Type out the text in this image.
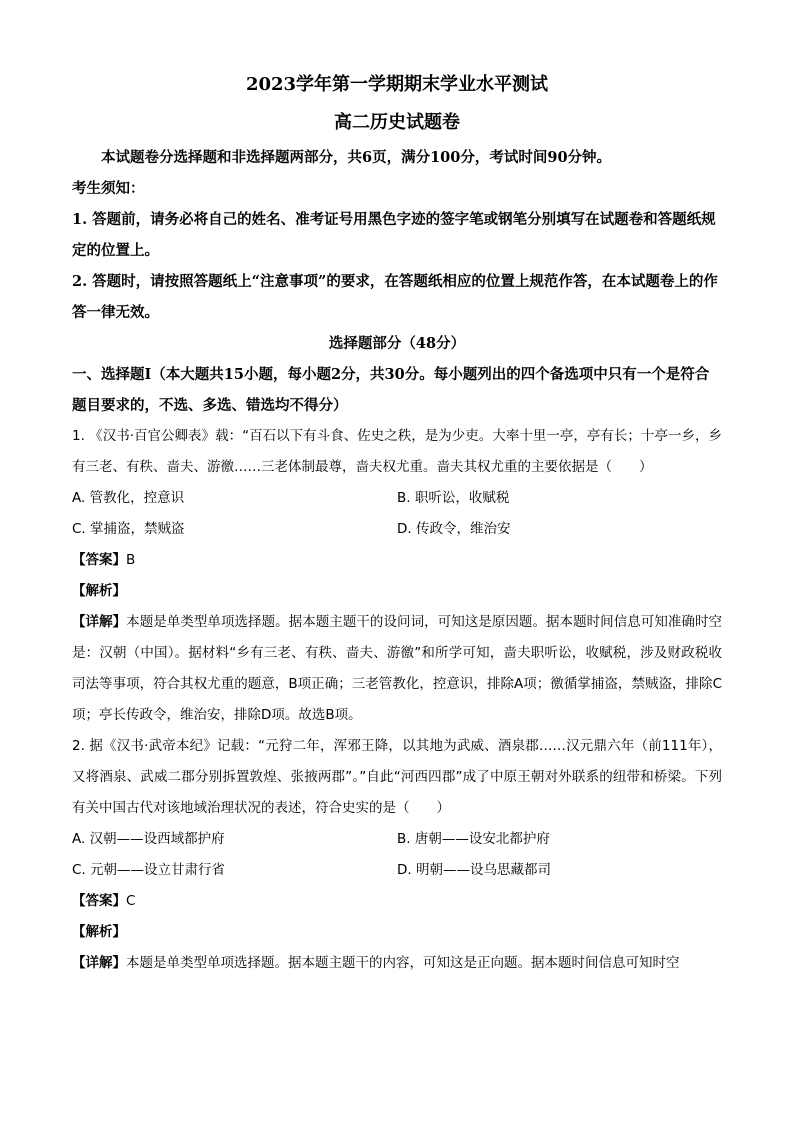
2023学年第一学期期末学业水平测试
高二历史试题卷
本试题卷分选择题和非选择题两部分，共6页，满分100分，考试时间90分钟。
考生须知：
1. 答题前，请务必将自己的姓名、准考证号用黑色字迹的签字笔或钢笔分别填写在试题卷和答题纸规定的位置上。
2. 答题时，请按照答题纸上“注意事项”的要求，在答题纸相应的位置上规范作答，在本试题卷上的作答一律无效。
选择题部分（48分）
一、选择题Ⅰ（本大题共15小题，每小题2分，共30分。每小题列出的四个备选项中只有一个是符合题目要求的，不选、多选、错选均不得分）
1. 《汉书·百官公卿表》载：“百石以下有斗食、佐史之秩，是为少吏。大率十里一亭，亭有长；十亭一乡，乡有三老、有秩、啬夫、游徼……三老体制最尊，啬夫权尤重。啬夫其权尤重的主要依据是（　　）
A. 管教化，控意识	B. 职听讼，收赋税
C. 掌捕盗，禁贼盗	D. 传政令，维治安
【答案】B
【解析】
【详解】本题是单类型单项选择题。据本题主题干的设问词，可知这是原因题。据本题时间信息可知准确时空是：汉朝（中国）。据材料“乡有三老、有秩、啬夫、游徼”和所学可知，啬夫职听讼，收赋税，涉及财政税收司法等事项，符合其权尤重的题意，B项正确；三老管教化，控意识，排除A项；徼循掌捕盗，禁贼盗，排除C项；亭长传政令，维治安，排除D项。故选B项。
2. 据《汉书·武帝本纪》记载：“元狩二年，浑邪王降，以其地为武威、酒泉郡……汉元鼎六年（前111年），又将酒泉、武威二郡分别拆置敦煌、张掖两郡”。”自此“河西四郡”成了中原王朝对外联系的纽带和桥梁。下列有关中国古代对该地域治理状况的表述，符合史实的是（　　）
A. 汉朝——设西域都护府	B. 唐朝——设安北都护府
C. 元朝——设立甘肃行省	D. 明朝——设乌思藏都司
【答案】C
【解析】
【详解】本题是单类型单项选择题。据本题主题干的内容，可知这是正向题。据本题时间信息可知时空
